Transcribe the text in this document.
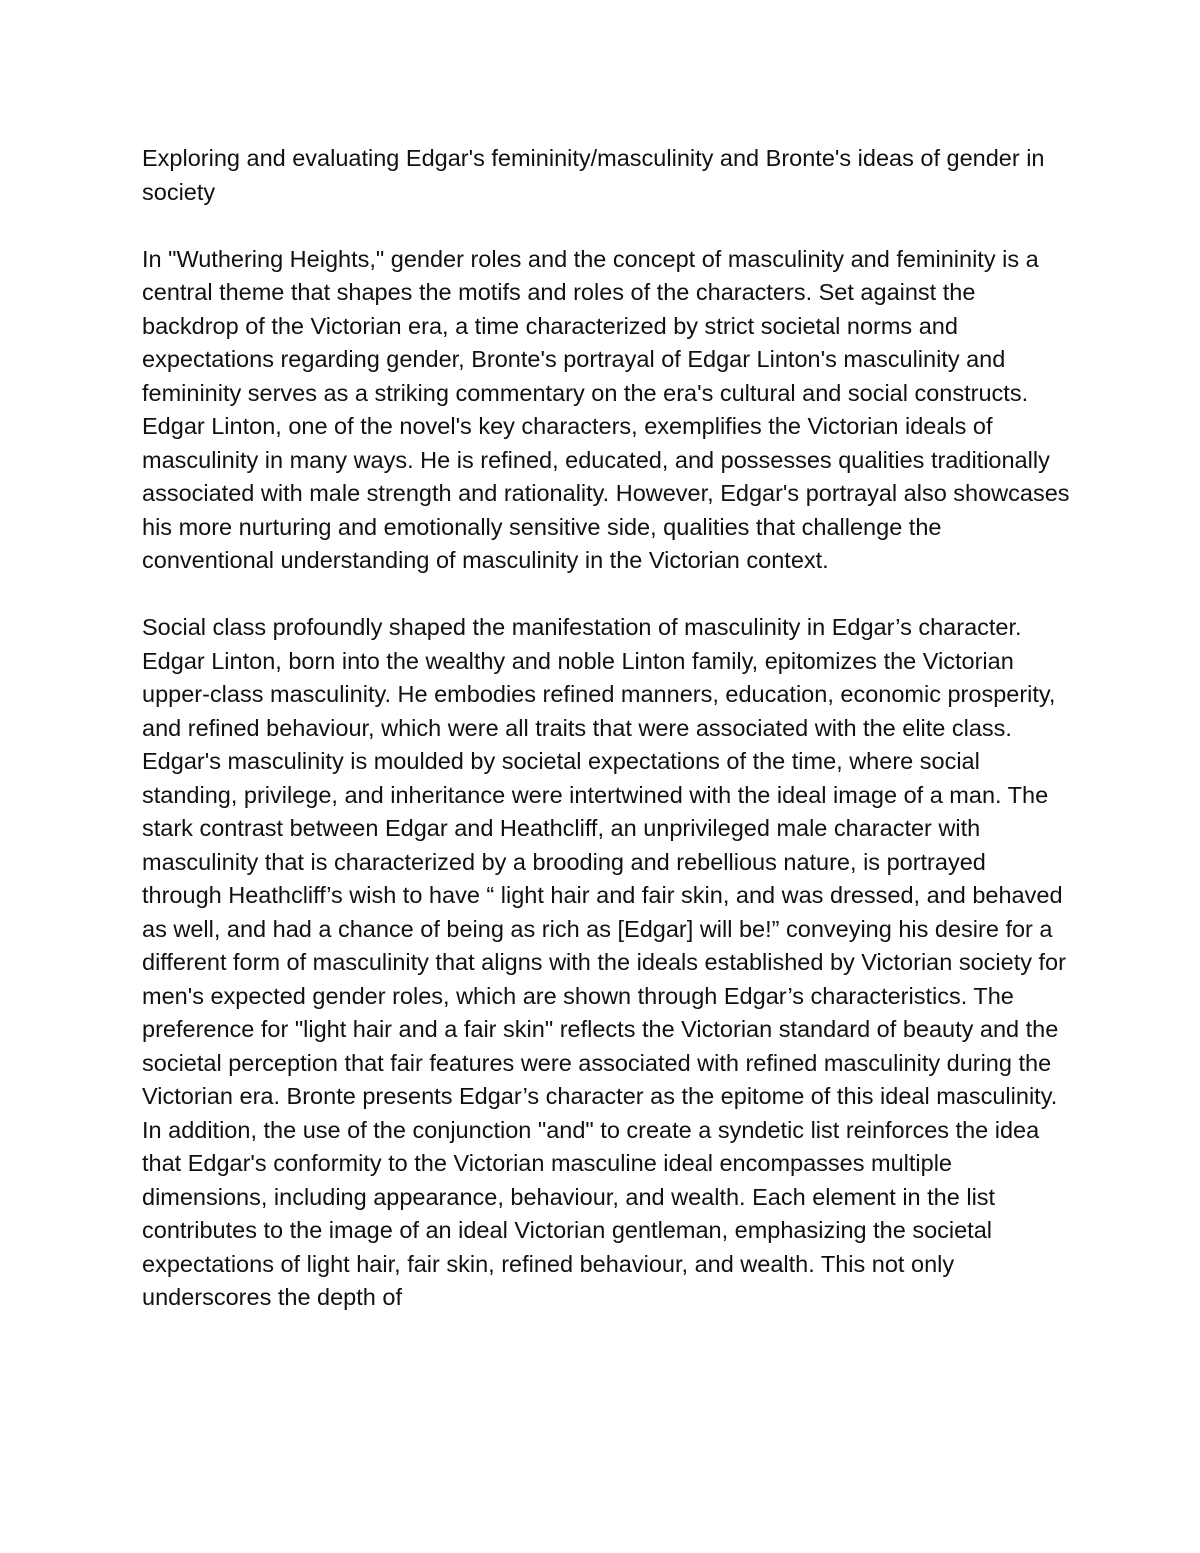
Exploring and evaluating Edgar's femininity/masculinity and Bronte's ideas of gender in society

In "Wuthering Heights," gender roles and the concept of masculinity and femininity is a central theme that shapes the motifs and roles of the characters. Set against the backdrop of the Victorian era, a time characterized by strict societal norms and expectations regarding gender, Bronte's portrayal of Edgar Linton's masculinity and femininity serves as a striking commentary on the era's cultural and social constructs. Edgar Linton, one of the novel's key characters, exemplifies the Victorian ideals of masculinity in many ways. He is refined, educated, and possesses qualities traditionally associated with male strength and rationality. However, Edgar's portrayal also showcases his more nurturing and emotionally sensitive side, qualities that challenge the conventional understanding of masculinity in the Victorian context.

Social class profoundly shaped the manifestation of masculinity in Edgar’s character. Edgar Linton, born into the wealthy and noble Linton family, epitomizes the Victorian upper-class masculinity. He embodies refined manners, education, economic prosperity, and refined behaviour, which were all traits that were associated with the elite class. Edgar's masculinity is moulded by societal expectations of the time, where social standing, privilege, and inheritance were intertwined with the ideal image of a man. The stark contrast between Edgar and Heathcliff, an unprivileged male character with masculinity that is characterized by a brooding and rebellious nature, is portrayed through Heathcliff’s wish to have “ light hair and fair skin, and was dressed, and behaved as well, and had a chance of being as rich as [Edgar] will be!” conveying his desire for a different form of masculinity that aligns with the ideals established by Victorian society for men's expected gender roles, which are shown through Edgar’s characteristics. The preference for "light hair and a fair skin" reflects the Victorian standard of beauty and the societal perception that fair features were associated with refined masculinity during the Victorian era. Bronte presents Edgar’s character as the epitome of this ideal masculinity. In addition, the use of the conjunction "and" to create a syndetic list reinforces the idea that Edgar's conformity to the Victorian masculine ideal encompasses multiple dimensions, including appearance, behaviour, and wealth. Each element in the list contributes to the image of an ideal Victorian gentleman, emphasizing the societal expectations of light hair, fair skin, refined behaviour, and wealth. This not only underscores the depth of
